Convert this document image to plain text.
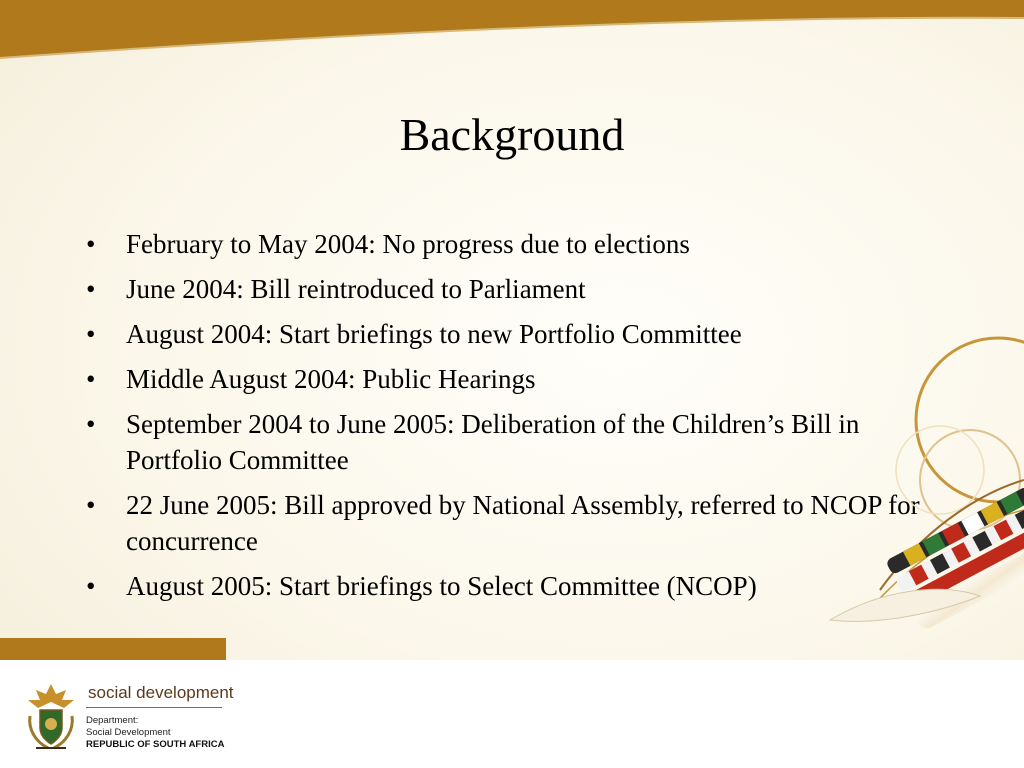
Background
• February to May 2004: No progress due to elections
• June 2004: Bill reintroduced to Parliament
• August 2004: Start briefings to new Portfolio Committee
• Middle August 2004: Public Hearings
• September 2004 to June 2005: Deliberation of the Children’s Bill in Portfolio Committee
• 22 June 2005: Bill approved by National Assembly, referred to NCOP for concurrence
• August 2005: Start briefings to Select Committee (NCOP)
social development
Department:
Social Development
REPUBLIC OF SOUTH AFRICA
